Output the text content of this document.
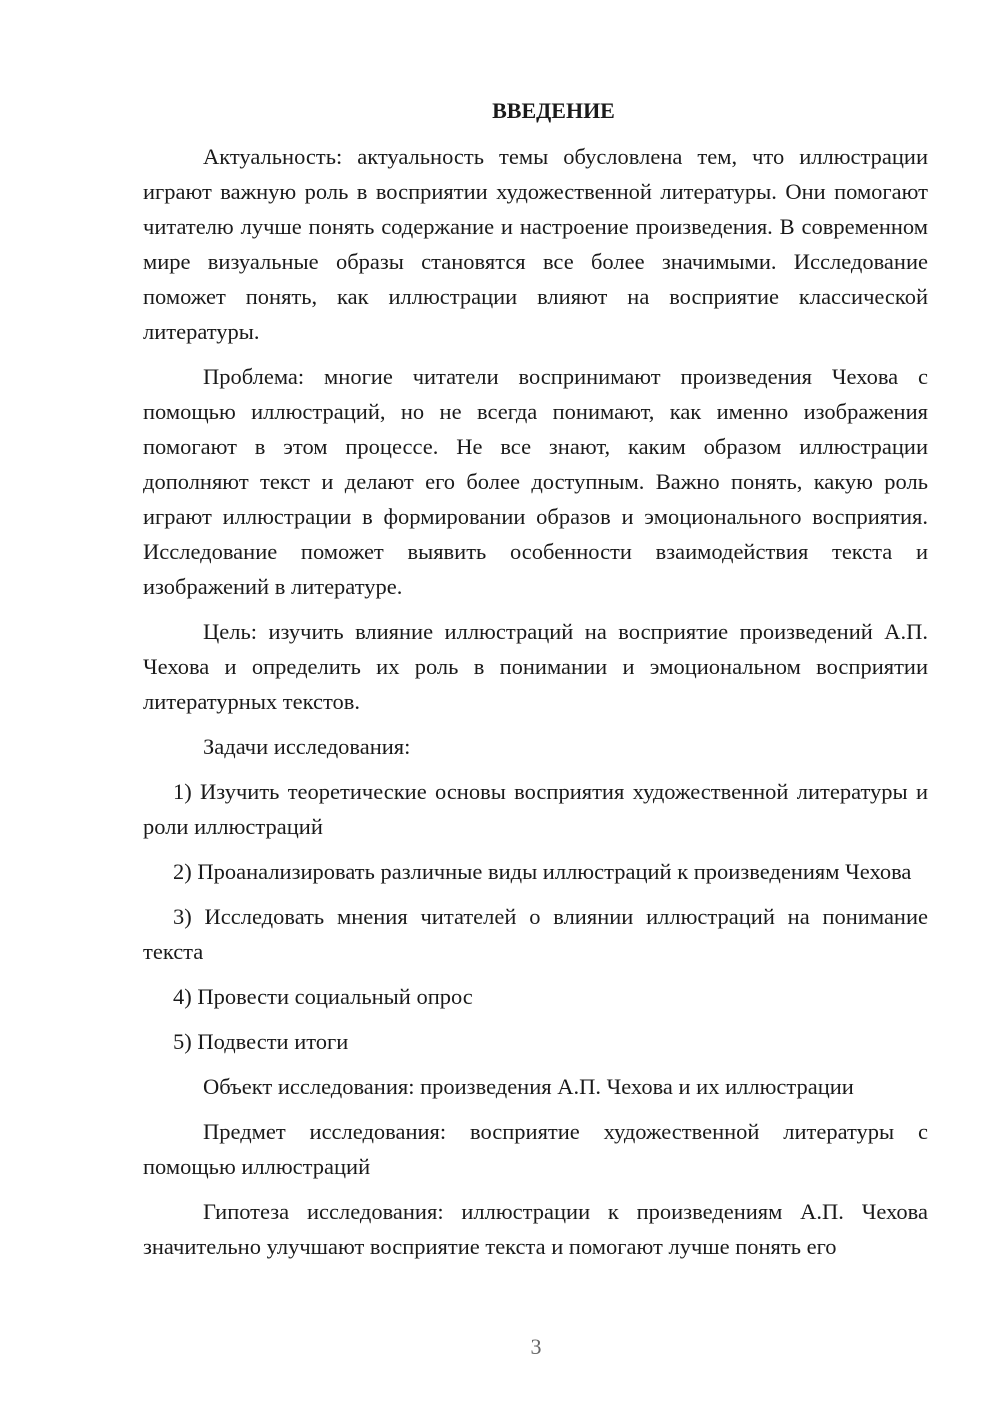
ВВЕДЕНИЕ

Актуальность: актуальность темы обусловлена тем, что иллюстрации играют важную роль в восприятии художественной литературы. Они помогают читателю лучше понять содержание и настроение произведения. В современном мире визуальные образы становятся все более значимыми. Исследование поможет понять, как иллюстрации влияют на восприятие классической литературы.

Проблема: многие читатели воспринимают произведения Чехова с помощью иллюстраций, но не всегда понимают, как именно изображения помогают в этом процессе. Не все знают, каким образом иллюстрации дополняют текст и делают его более доступным. Важно понять, какую роль играют иллюстрации в формировании образов и эмоционального восприятия. Исследование поможет выявить особенности взаимодействия текста и изображений в литературе.

Цель: изучить влияние иллюстраций на восприятие произведений А.П. Чехова и определить их роль в понимании и эмоциональном восприятии литературных текстов.

Задачи исследования:

1) Изучить теоретические основы восприятия художественной литературы и роли иллюстраций

2) Проанализировать различные виды иллюстраций к произведениям Чехова

3) Исследовать мнения читателей о влиянии иллюстраций на понимание текста

4) Провести социальный опрос

5) Подвести итоги

Объект исследования: произведения А.П. Чехова и их иллюстрации

Предмет исследования: восприятие художественной литературы с помощью иллюстраций

Гипотеза исследования: иллюстрации к произведениям А.П. Чехова значительно улучшают восприятие текста и помогают лучше понять его

3
